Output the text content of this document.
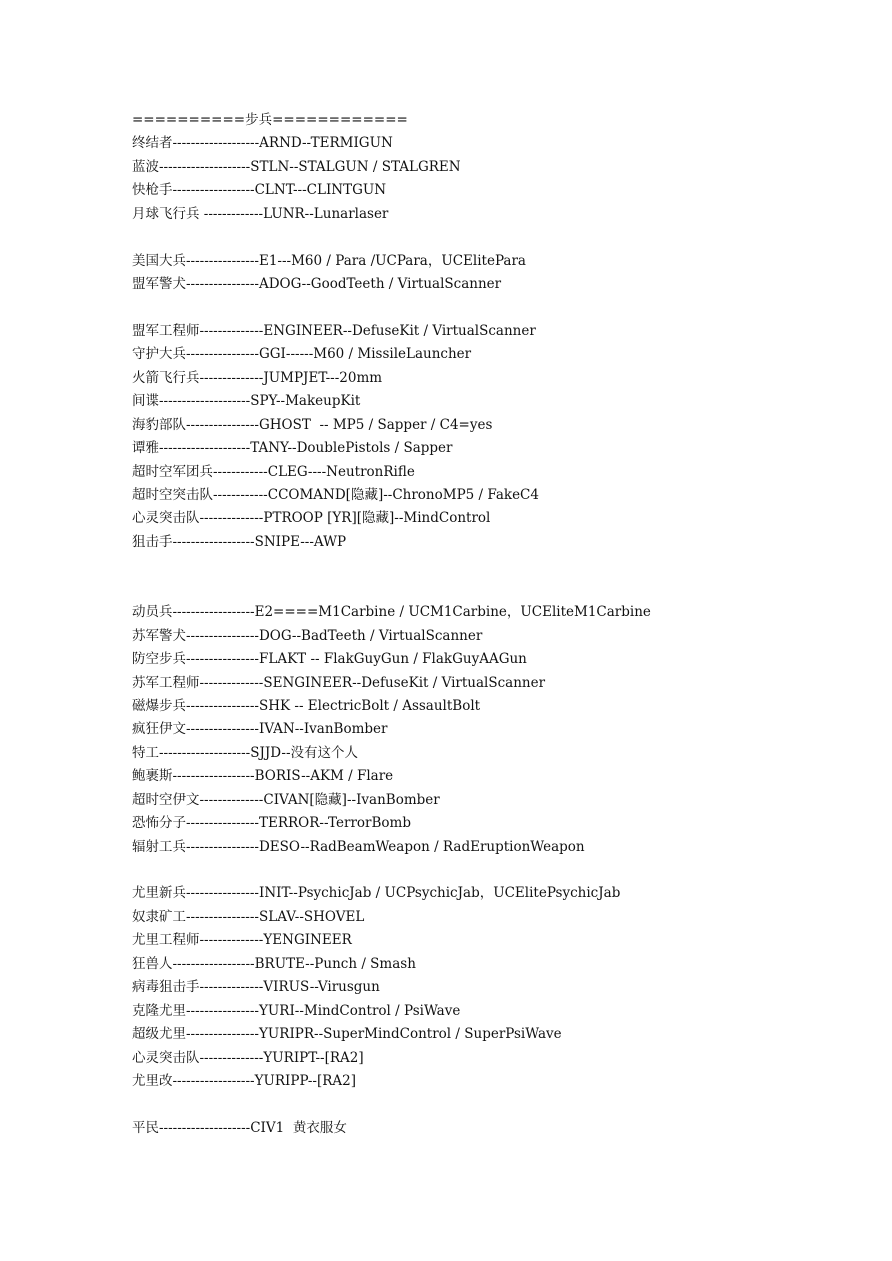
==========步兵============
终结者-------------------ARND--TERMIGUN
蓝波--------------------STLN--STALGUN / STALGREN
快枪手------------------CLNT---CLINTGUN
月球飞行兵 -------------LUNR--Lunarlaser
美国大兵----------------E1---M60 / Para /UCPara，UCElitePara
盟军警犬----------------ADOG--GoodTeeth / VirtualScanner
盟军工程师--------------ENGINEER--DefuseKit / VirtualScanner
守护大兵----------------GGI------M60 / MissileLauncher
火箭飞行兵--------------JUMPJET---20mm
间谍--------------------SPY--MakeupKit
海豹部队----------------GHOST  -- MP5 / Sapper / C4=yes
谭雅--------------------TANY--DoublePistols / Sapper
超时空军团兵------------CLEG----NeutronRifle
超时空突击队------------CCOMAND[隐藏]--ChronoMP5 / FakeC4
心灵突击队--------------PTROOP [YR][隐藏]--MindControl
狙击手------------------SNIPE---AWP
动员兵------------------E2====M1Carbine / UCM1Carbine，UCEliteM1Carbine
苏军警犬----------------DOG--BadTeeth / VirtualScanner
防空步兵----------------FLAKT -- FlakGuyGun / FlakGuyAAGun
苏军工程师--------------SENGINEER--DefuseKit / VirtualScanner
磁爆步兵----------------SHK -- ElectricBolt / AssaultBolt
疯狂伊文----------------IVAN--IvanBomber
特工--------------------SJJD--没有这个人
鲍裹斯------------------BORIS--AKM / Flare
超时空伊文--------------CIVAN[隐藏]--IvanBomber
恐怖分子----------------TERROR--TerrorBomb
辐射工兵----------------DESO--RadBeamWeapon / RadEruptionWeapon
尤里新兵----------------INIT--PsychicJab / UCPsychicJab，UCElitePsychicJab
奴隶矿工----------------SLAV--SHOVEL
尤里工程师--------------YENGINEER
狂兽人------------------BRUTE--Punch / Smash
病毒狙击手--------------VIRUS--Virusgun
克隆尤里----------------YURI--MindControl / PsiWave
超级尤里----------------YURIPR--SuperMindControl / SuperPsiWave
心灵突击队--------------YURIPT--[RA2]
尤里改------------------YURIPP--[RA2]
平民--------------------CIV1  黄衣服女
